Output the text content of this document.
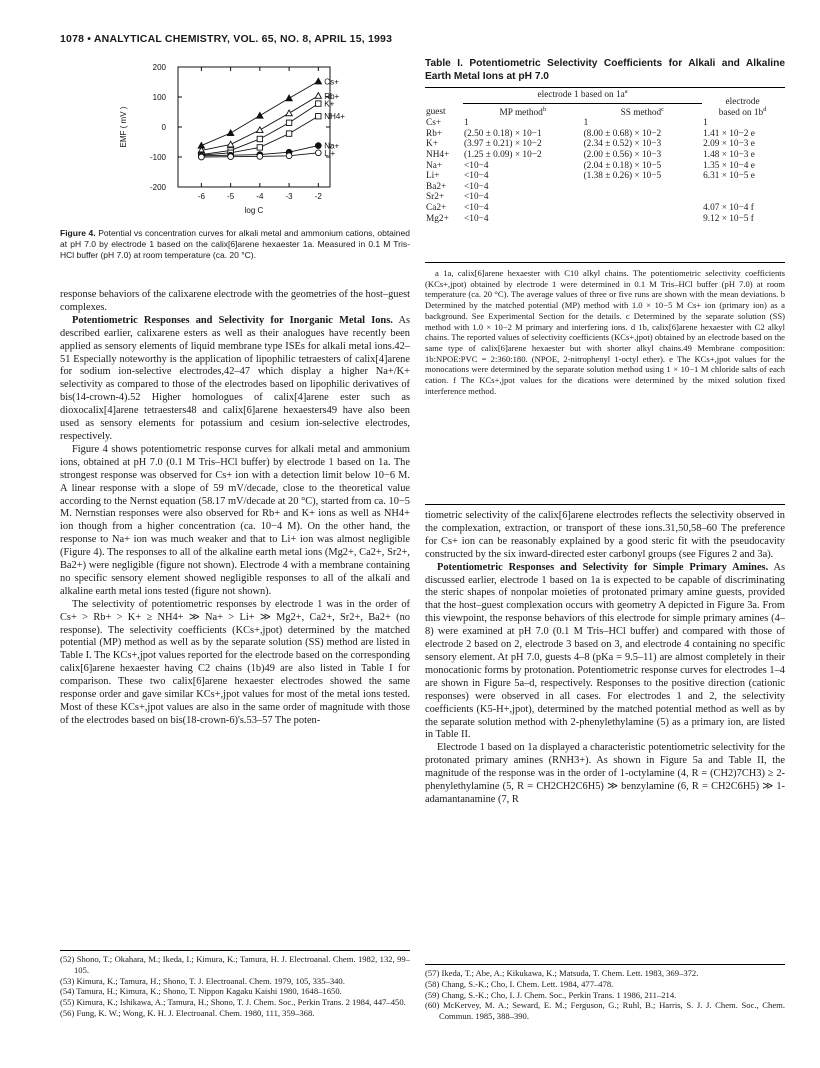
1078 • ANALYTICAL CHEMISTRY, VOL. 65, NO. 8, APRIL 15, 1993
200
100
0
-100
-200
-6	-5	-4	-3	-2
log C
EMF ( mV )
Cs+
Rb+
K+
NH4+
Na+
Li+
Figure 4. Potential vs concentration curves for alkali metal and ammonium cations, obtained at pH 7.0 by electrode 1 based on the calix[6]arene hexaester 1a. Measured in 0.1 M Tris-HCl buffer (pH 7.0) at room temperature (ca. 20 °C).

response behaviors of the calixarene electrode with the geometries of the host–guest complexes.

Potentiometric Responses and Selectivity for Inorganic Metal Ions. As described earlier, calixarene esters as well as their analogues have recently been applied as sensory elements of liquid membrane type ISEs for alkali metal ions.42–51 Especially noteworthy is the application of lipophilic tetraesters of calix[4]arene for sodium ion-selective electrodes,42–47 which display a higher Na+/K+ selectivity as compared to those of the electrodes based on lipophilic derivatives of bis(14-crown-4).52 Higher homologues of calix[4]arene ester such as dioxocalix[4]arene tetraesters48 and calix[6]arene hexaesters49 have also been used as sensory elements for potassium and cesium ion-selective electrodes, respectively.

Figure 4 shows potentiometric response curves for alkali metal and ammonium ions, obtained at pH 7.0 (0.1 M Tris–HCl buffer) by electrode 1 based on 1a. The strongest response was observed for Cs+ ion with a detection limit below 10−6 M. A linear response with a slope of 59 mV/decade, close to the theoretical value according to the Nernst equation (58.17 mV/decade at 20 °C), started from ca. 10−5 M. Nernstian responses were also observed for Rb+ and K+ ions as well as NH4+ ion though from a higher concentration (ca. 10−4 M). On the other hand, the response to Na+ ion was much weaker and that to Li+ ion was almost negligible (Figure 4). The responses to all of the alkaline earth metal ions (Mg2+, Ca2+, Sr2+, Ba2+) were negligible (figure not shown). Electrode 4 with a membrane containing no specific sensory element showed negligible responses to all of the alkali and alkaline earth metal ions tested (figure not shown).

The selectivity of potentiometric responses by electrode 1 was in the order of Cs+ > Rb+ > K+ ≥ NH4+ ≫ Na+ > Li+ ≫ Mg2+, Ca2+, Sr2+, Ba2+ (no response). The selectivity coefficients (KCs+,jpot) determined by the matched potential (MP) method as well as by the separate solution (SS) method are listed in Table I. The KCs+,jpot values reported for the electrode based on the corresponding calix[6]arene hexaester having C2 chains (1b)49 are also listed in Table I for comparison. These two calix[6]arene hexaester electrodes showed the same response order and gave similar KCs+,jpot values for most of the metal ions tested. Most of these KCs+,jpot values are also in the same order of magnitude with those of the electrodes based on bis(18-crown-6)'s.53–57 The poten-

(52) Shono, T.; Okahara, M.; Ikeda, I.; Kimura, K.; Tamura, H. J. Electroanal. Chem. 1982, 132, 99–105.
(53) Kimura, K.; Tamura, H.; Shono, T. J. Electroanal. Chem. 1979, 105, 335–340.
(54) Tamura, H.; Kimura, K.; Shono, T. Nippon Kagaku Kaishi 1980, 1648–1650.
(55) Kimura, K.; Ishikawa, A.; Tamura, H.; Shono, T. J. Chem. Soc., Perkin Trans. 2 1984, 447–450.
(56) Fung, K. W.; Wong, K. H. J. Electroanal. Chem. 1980, 111, 359–368.
Table I. Potentiometric Selectivity Coefficients for Alkali and Alkaline Earth Metal Ions at pH 7.0
	electrode 1 based on $1a^a$		electrode
based on $1b^d$
guest	MP method$^b$	SS method$^c$
Cs+	1	1	1
Rb+	(2.50 ± 0.18) × 10−1	(8.00 ± 0.68) × 10−2	1.41 × 10−2 e
K+	(3.97 ± 0.21) × 10−2	(2.34 ± 0.52) × 10−3	2.09 × 10−3 e
NH4+	(1.25 ± 0.09) × 10−2	(2.00 ± 0.56) × 10−3	1.48 × 10−3 e
Na+	<10−4	(2.04 ± 0.18) × 10−5	1.35 × 10−4 e
Li+	<10−4	(1.38 ± 0.26) × 10−5	6.31 × 10−5 e
Ba2+	<10−4		
Sr2+	<10−4		
Ca2+	<10−4		4.07 × 10−4 f
Mg2+	<10−4		9.12 × 10−5 f

a 1a, calix[6]arene hexaester with C10 alkyl chains. The potentiometric selectivity coefficients (KCs+,jpot) obtained by electrode 1 were determined in 0.1 M Tris–HCl buffer (pH 7.0) at room temperature (ca. 20 °C). The average values of three or five runs are shown with the mean deviations. b Determined by the matched potential (MP) method with 1.0 × 10−5 M Cs+ ion (primary ion) as a background. See Experimental Section for the details. c Determined by the separate solution (SS) method with 1.0 × 10−2 M primary and interfering ions. d 1b, calix[6]arene hexaester with C2 alkyl chains. The reported values of selectivity coefficients (KCs+,jpot) obtained by an electrode based on the same type of calix[6]arene hexaester but with shorter alkyl chains.49 Membrane composition: 1b:NPOE:PVC = 2:360:180. (NPOE, 2-nitrophenyl 1-octyl ether). e The KCs+,jpot values for the monocations were determined by the separate solution method using 1 × 10−1 M chloride salts of each cation. f The KCs+,jpot values for the dications were determined by the mixed solution fixed interference method.

tiometric selectivity of the calix[6]arene electrodes reflects the selectivity observed in the complexation, extraction, or transport of these ions.31,50,58–60 The preference for Cs+ ion can be reasonably explained by a good steric fit with the pseudocavity constructed by the six inward-directed ester carbonyl groups (see Figures 2 and 3a).

Potentiometric Responses and Selectivity for Simple Primary Amines. As discussed earlier, electrode 1 based on 1a is expected to be capable of discriminating the steric shapes of nonpolar moieties of protonated primary amine guests, provided that the host–guest complexation occurs with geometry A depicted in Figure 3a. From this viewpoint, the response behaviors of this electrode for simple primary amines (4–8) were examined at pH 7.0 (0.1 M Tris–HCl buffer) and compared with those of electrode 2 based on 2, electrode 3 based on 3, and electrode 4 containing no specific sensory element. At pH 7.0, guests 4–8 (pKa = 9.5–11) are almost completely in their monocationic forms by protonation. Potentiometric response curves for electrodes 1–4 are shown in Figure 5a–d, respectively. Responses to the positive direction (cationic responses) were observed in all cases. For electrodes 1 and 2, the selectivity coefficients (K5-H+,jpot), determined by the matched potential method as well as by the separate solution method with 2-phenylethylamine (5) as a primary ion, are listed in Table II.

Electrode 1 based on 1a displayed a characteristic potentiometric selectivity for the protonated primary amines (RNH3+). As shown in Figure 5a and Table II, the magnitude of the response was in the order of 1-octylamine (4, R = (CH2)7CH3) ≥ 2-phenylethylamine (5, R = CH2CH2C6H5) ≫ benzylamine (6, R = CH2C6H5) ≫ 1-adamantanamine (7, R

(57) Ikeda, T.; Abe, A.; Kikukawa, K.; Matsuda, T. Chem. Lett. 1983, 369–372.
(58) Chang, S.-K.; Cho, I. Chem. Lett. 1984, 477–478.
(59) Chang, S.-K.; Cho, I. J. Chem. Soc., Perkin Trans. 1 1986, 211–214.
(60) McKervey, M. A.; Seward, E. M.; Ferguson, G.; Ruhl, B.; Harris, S. J. J. Chem. Soc., Chem. Commun. 1985, 388–390.
